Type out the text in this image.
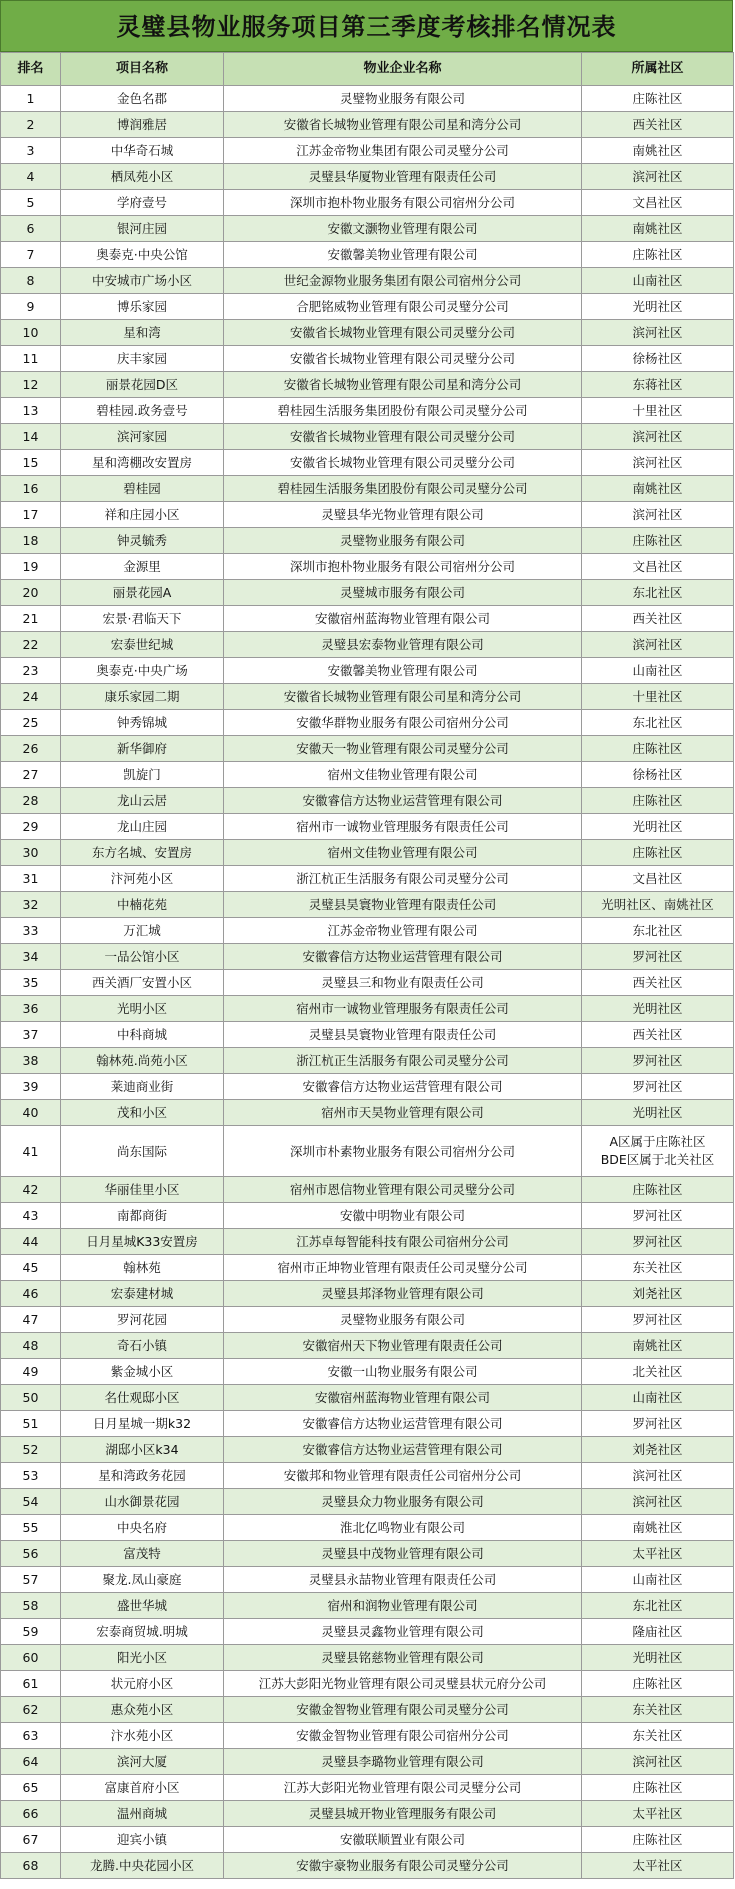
灵璧县物业服务项目第三季度考核排名情况表
排名	项目名称	物业企业名称	所属社区
1	金色名郡	灵璧物业服务有限公司	庄陈社区
2	博润雅居	安徽省长城物业管理有限公司星和湾分公司	西关社区
3	中华奇石城	江苏金帝物业集团有限公司灵璧分公司	南姚社区
4	栖凤苑小区	灵璧县华厦物业管理有限责任公司	滨河社区
5	学府壹号	深圳市抱朴物业服务有限公司宿州分公司	文昌社区
6	银河庄园	安徽文灏物业管理有限公司	南姚社区
7	奥泰克·中央公馆	安徽馨美物业管理有限公司	庄陈社区
8	中安城市广场小区	世纪金源物业服务集团有限公司宿州分公司	山南社区
9	博乐家园	合肥铭威物业管理有限公司灵璧分公司	光明社区
10	星和湾	安徽省长城物业管理有限公司灵璧分公司	滨河社区
11	庆丰家园	安徽省长城物业管理有限公司灵璧分公司	徐杨社区
12	丽景花园D区	安徽省长城物业管理有限公司星和湾分公司	东蒋社区
13	碧桂园.政务壹号	碧桂园生活服务集团股份有限公司灵璧分公司	十里社区
14	滨河家园	安徽省长城物业管理有限公司灵璧分公司	滨河社区
15	星和湾棚改安置房	安徽省长城物业管理有限公司灵璧分公司	滨河社区
16	碧桂园	碧桂园生活服务集团股份有限公司灵璧分公司	南姚社区
17	祥和庄园小区	灵璧县华光物业管理有限公司	滨河社区
18	钟灵毓秀	灵璧物业服务有限公司	庄陈社区
19	金源里	深圳市抱朴物业服务有限公司宿州分公司	文昌社区
20	丽景花园A	灵璧城市服务有限公司	东北社区
21	宏景·君临天下	安徽宿州蓝海物业管理有限公司	西关社区
22	宏泰世纪城	灵璧县宏泰物业管理有限公司	滨河社区
23	奥泰克·中央广场	安徽馨美物业管理有限公司	山南社区
24	康乐家园二期	安徽省长城物业管理有限公司星和湾分公司	十里社区
25	钟秀锦城	安徽华群物业服务有限公司宿州分公司	东北社区
26	新华御府	安徽天一物业管理有限公司灵璧分公司	庄陈社区
27	凯旋门	宿州文佳物业管理有限公司	徐杨社区
28	龙山云居	安徽睿信方达物业运营管理有限公司	庄陈社区
29	龙山庄园	宿州市一诚物业管理服务有限责任公司	光明社区
30	东方名城、安置房	宿州文佳物业管理有限公司	庄陈社区
31	汴河苑小区	浙江杭正生活服务有限公司灵璧分公司	文昌社区
32	中楠花苑	灵璧县昊寰物业管理有限责任公司	光明社区、南姚社区
33	万汇城	江苏金帝物业管理有限公司	东北社区
34	一品公馆小区	安徽睿信方达物业运营管理有限公司	罗河社区
35	西关酒厂安置小区	灵璧县三和物业有限责任公司	西关社区
36	光明小区	宿州市一诚物业管理服务有限责任公司	光明社区
37	中科商城	灵璧县昊寰物业管理有限责任公司	西关社区
38	翰林苑.尚苑小区	浙江杭正生活服务有限公司灵璧分公司	罗河社区
39	莱迪商业街	安徽睿信方达物业运营管理有限公司	罗河社区
40	茂和小区	宿州市天昊物业管理有限公司	光明社区
41	尚东国际	深圳市朴素物业服务有限公司宿州分公司	A区属于庄陈社区
BDE区属于北关社区
42	华丽佳里小区	宿州市恩信物业管理有限公司灵璧分公司	庄陈社区
43	南都商街	安徽中明物业有限公司	罗河社区
44	日月星城K33安置房	江苏卓每智能科技有限公司宿州分公司	罗河社区
45	翰林苑	宿州市正坤物业管理有限责任公司灵璧分公司	东关社区
46	宏泰建材城	灵璧县邦泽物业管理有限公司	刘尧社区
47	罗河花园	灵璧物业服务有限公司	罗河社区
48	奇石小镇	安徽宿州天下物业管理有限责任公司	南姚社区
49	紫金城小区	安徽一山物业服务有限公司	北关社区
50	名仕观邸小区	安徽宿州蓝海物业管理有限公司	山南社区
51	日月星城一期k32	安徽睿信方达物业运营管理有限公司	罗河社区
52	湖邸小区k34	安徽睿信方达物业运营管理有限公司	刘尧社区
53	星和湾政务花园	安徽邦和物业管理有限责任公司宿州分公司	滨河社区
54	山水御景花园	灵璧县众力物业服务有限公司	滨河社区
55	中央名府	淮北亿鸣物业有限公司	南姚社区
56	富茂特	灵璧县中茂物业管理有限公司	太平社区
57	聚龙.凤山豪庭	灵璧县永喆物业管理有限责任公司	山南社区
58	盛世华城	宿州和润物业管理有限公司	东北社区
59	宏泰商贸城.明城	灵璧县灵鑫物业管理有限公司	隆庙社区
60	阳光小区	灵璧县铭慈物业管理有限公司	光明社区
61	状元府小区	江苏大彭阳光物业管理有限公司灵璧县状元府分公司	庄陈社区
62	惠众苑小区	安徽金智物业管理有限公司灵璧分公司	东关社区
63	汴水苑小区	安徽金智物业管理有限公司宿州分公司	东关社区
64	滨河大厦	灵璧县李璐物业管理有限公司	滨河社区
65	富康首府小区	江苏大彭阳光物业管理有限公司灵璧分公司	庄陈社区
66	温州商城	灵璧县城开物业管理服务有限公司	太平社区
67	迎宾小镇	安徽联顺置业有限公司	庄陈社区
68	龙腾.中央花园小区	安徽宇豪物业服务有限公司灵璧分公司	太平社区
